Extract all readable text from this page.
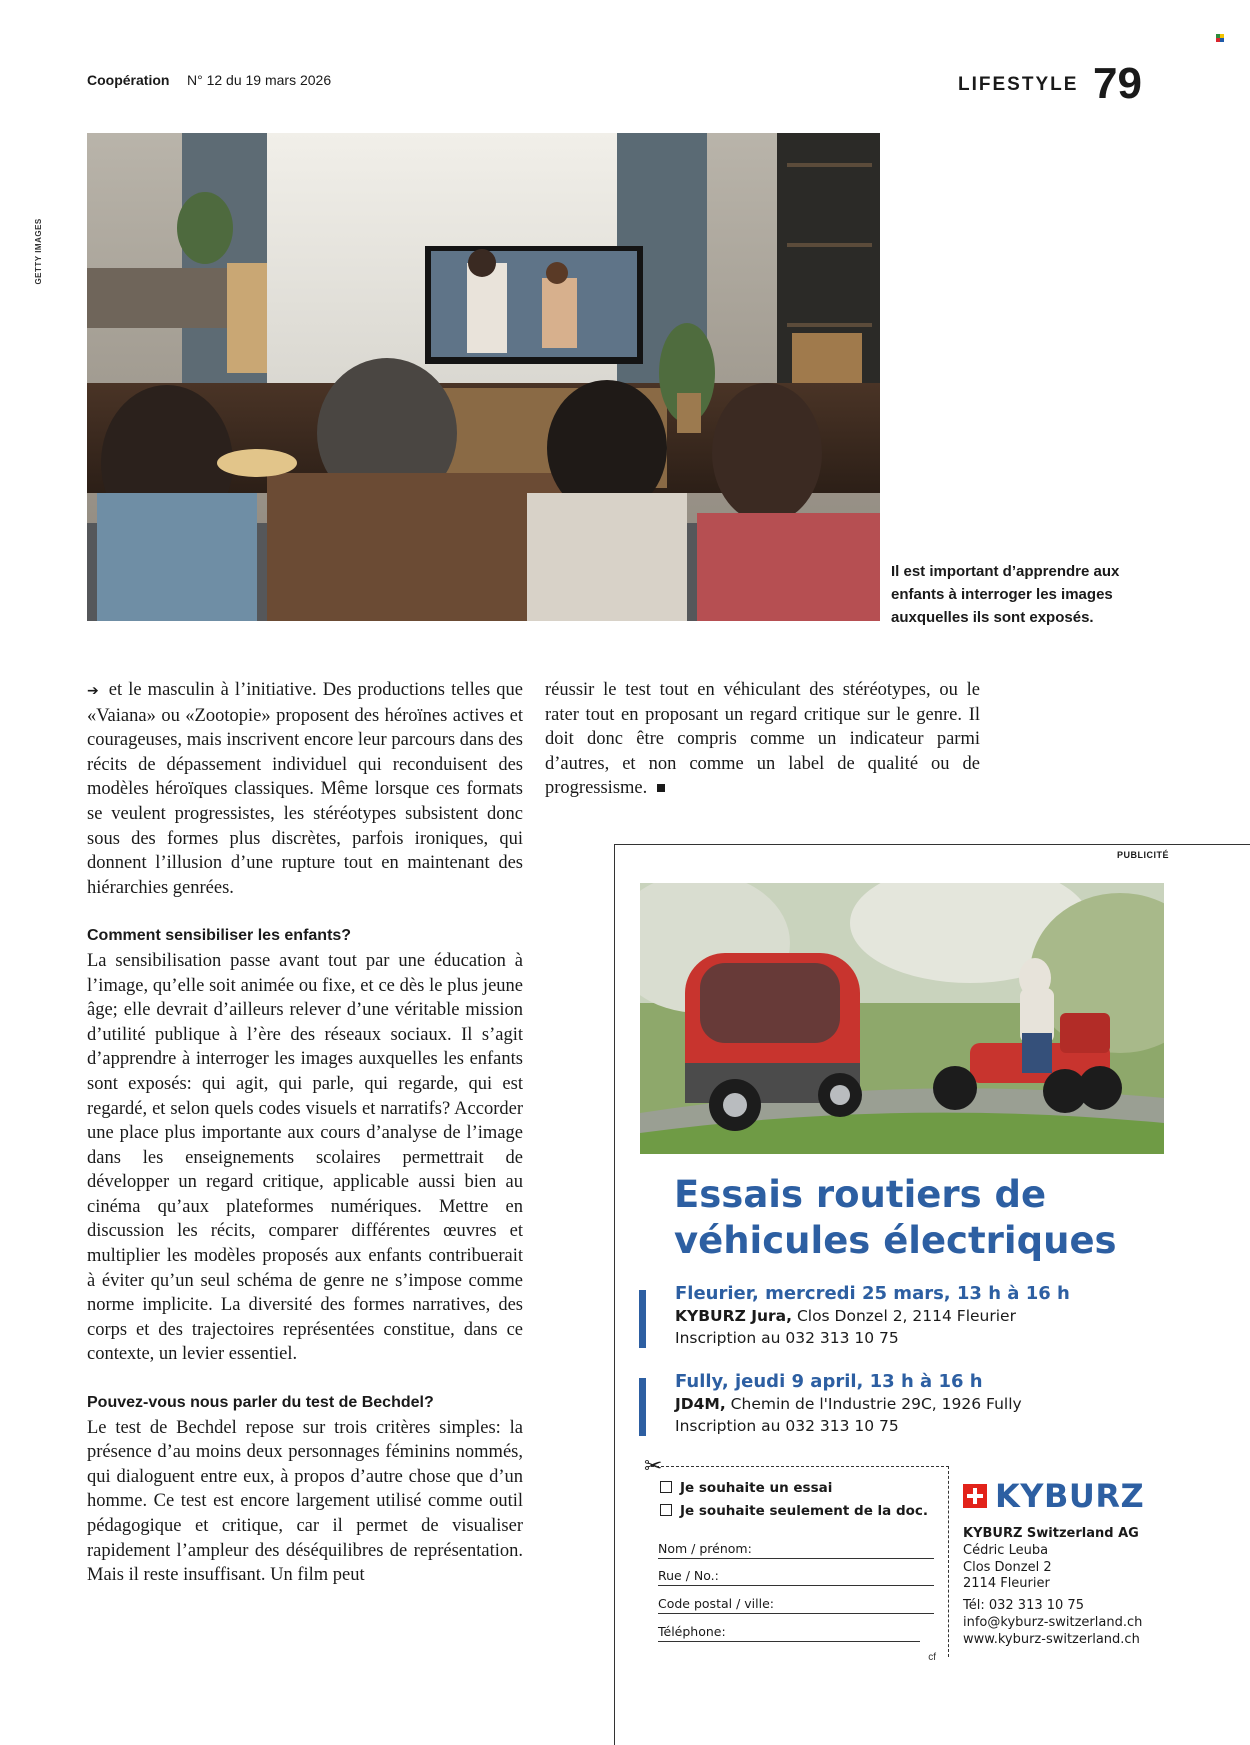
Coopération N° 12 du 19 mars 2026	LIFESTYLE 79
GETTY IMAGES
Il est important d’apprendre aux enfants à interroger les images auxquelles ils sont exposés.

➔ et le masculin à l’initiative. Des productions telles que «Vaiana» ou «Zootopie» proposent des héroïnes actives et courageuses, mais inscrivent encore leur parcours dans des récits de dépassement individuel qui reconduisent des modèles héroïques classiques. Même lorsque ces formats se veulent progressistes, les stéréotypes subsistent donc sous des formes plus discrètes, parfois ironiques, qui donnent l’illusion d’une rupture tout en maintenant des hiérarchies genrées.

Comment sensibiliser les enfants?

La sensibilisation passe avant tout par une éducation à l’image, qu’elle soit animée ou fixe, et ce dès le plus jeune âge; elle devrait d’ailleurs relever d’une véritable mission d’utilité publique à l’ère des réseaux sociaux. Il s’agit d’apprendre à interroger les images auxquelles les enfants sont exposés: qui agit, qui parle, qui regarde, qui est regardé, et selon quels codes visuels et narratifs? Accorder une place plus importante aux cours d’analyse de l’image dans les enseignements scolaires permettrait de développer un regard critique, applicable aussi bien au cinéma qu’aux plateformes numériques. Mettre en discussion les récits, comparer différentes œuvres et multiplier les modèles proposés aux enfants contribuerait à éviter qu’un seul schéma de genre ne s’impose comme norme implicite. La diversité des formes narratives, des corps et des trajectoires représentées constitue, dans ce contexte, un levier essentiel.

Pouvez-vous nous parler du test de Bechdel?

Le test de Bechdel repose sur trois critères simples: la présence d’au moins deux personnages féminins nommés, qui dialoguent entre eux, à propos d’autre chose que d’un homme. Ce test est encore largement utilisé comme outil pédagogique et critique, car il permet de visualiser rapidement l’ampleur des déséquilibres de représentation. Mais il reste insuffisant. Un film peut

réussir le test tout en véhiculant des stéréotypes, ou le rater tout en proposant un regard critique sur le genre. Il doit donc être compris comme un indicateur parmi d’autres, et non comme un label de qualité ou de progressisme.

PUBLICITÉ
Essais routiers de
véhicules électriques
Fleurier, mercredi 25 mars, 13 h à 16 h
KYBURZ Jura, Clos Donzel 2, 2114 Fleurier
Inscription au 032 313 10 75
Fully, jeudi 9 april, 13 h à 16 h
JD4M, Chemin de l'Industrie 29C, 1926 Fully
Inscription au 032 313 10 75
✂
Je souhaite un essai
Je souhaite seulement de la doc.
Nom / prénom:
Rue / No.:
Code postal / ville:
Téléphone:
cf
KYBURZ
KYBURZ Switzerland AG
Cédric Leuba
Clos Donzel 2
2114 Fleurier
Tél: 032 313 10 75
info@kyburz-switzerland.ch
www.kyburz-switzerland.ch
